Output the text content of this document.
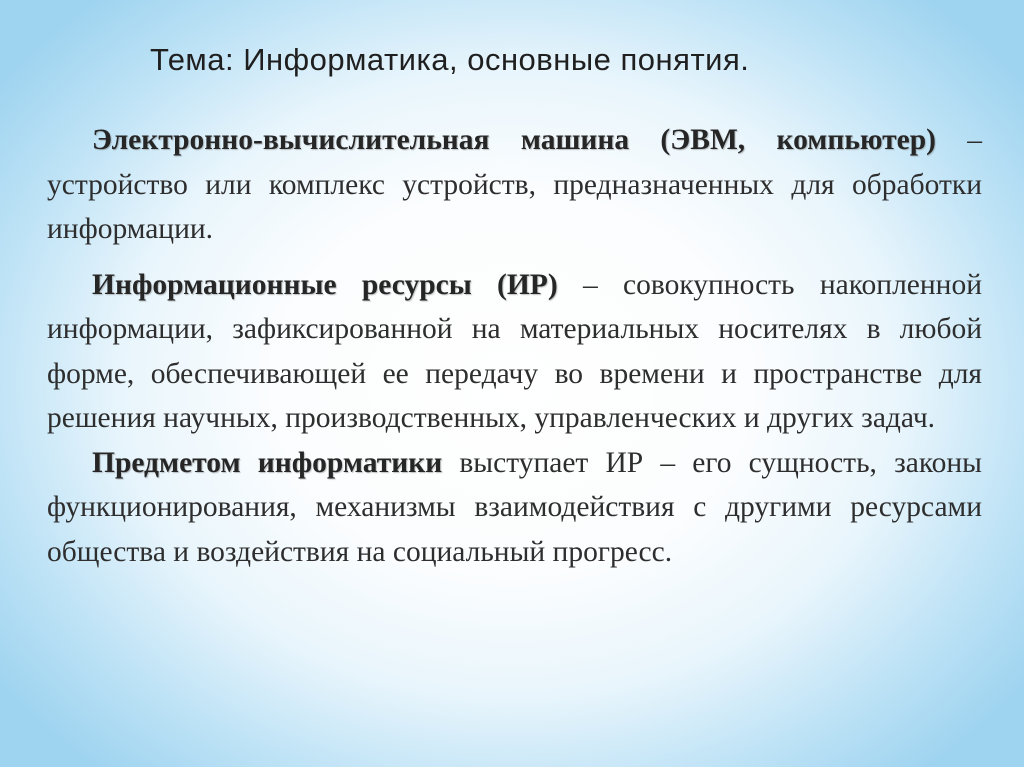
Тема: Информатика, основные понятия.

Электронно-вычислительная машина (ЭВМ, компьютер) – устройство или комплекс устройств, предназначенных для обработки информации.

Информационные ресурсы (ИР) – совокупность накопленной информации, зафиксированной на материальных носителях в любой форме, обеспечивающей ее передачу во времени и пространстве для решения научных, производственных, управленческих и других задач.

Предметом информатики выступает ИР – его сущность, законы функционирования, механизмы взаимодействия с другими ресурсами общества и воздействия на социальный прогресс.
